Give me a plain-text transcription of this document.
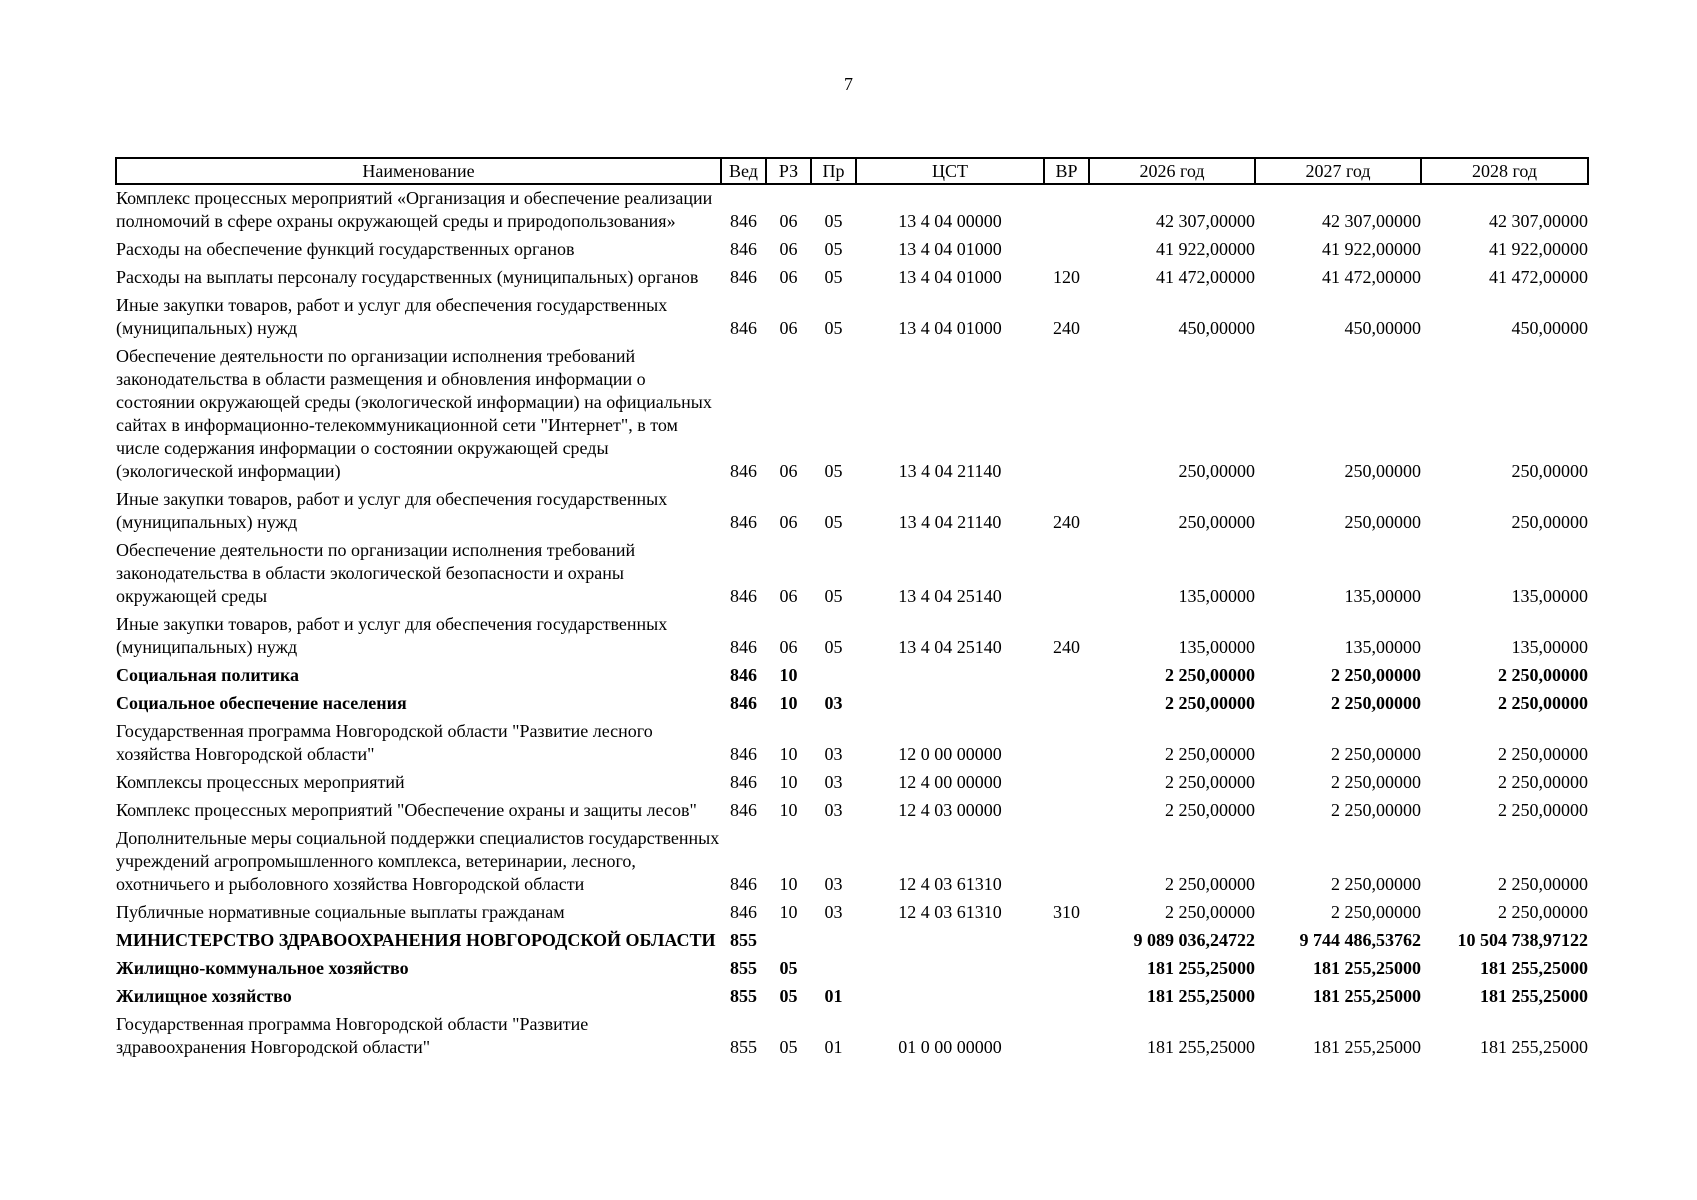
7
Наименование	Вед	РЗ	Пр	ЦСТ	ВР	2026 год	2027 год	2028 год
Комплекс процессных мероприятий «Организация и обеспечение реализации полномочий в сфере охраны окружающей среды и природопользования»	846	06	05	13 4 04 00000		42 307,00000	42 307,00000	42 307,00000
Расходы на обеспечение функций государственных органов	846	06	05	13 4 04 01000		41 922,00000	41 922,00000	41 922,00000
Расходы на выплаты персоналу государственных (муниципальных) органов	846	06	05	13 4 04 01000	120	41 472,00000	41 472,00000	41 472,00000
Иные закупки товаров, работ и услуг для обеспечения государственных (муниципальных) нужд	846	06	05	13 4 04 01000	240	450,00000	450,00000	450,00000
Обеспечение деятельности по организации исполнения требований законодательства в области размещения и обновления информации о состоянии окружающей среды (экологической информации) на официальных сайтах в информационно-телекоммуникационной сети "Интернет", в том числе содержания информации о состоянии окружающей среды (экологической информации)	846	06	05	13 4 04 21140		250,00000	250,00000	250,00000
Иные закупки товаров, работ и услуг для обеспечения государственных (муниципальных) нужд	846	06	05	13 4 04 21140	240	250,00000	250,00000	250,00000
Обеспечение деятельности по организации исполнения требований законодательства в области экологической безопасности и охраны окружающей среды	846	06	05	13 4 04 25140		135,00000	135,00000	135,00000
Иные закупки товаров, работ и услуг для обеспечения государственных (муниципальных) нужд	846	06	05	13 4 04 25140	240	135,00000	135,00000	135,00000
Социальная политика	846	10				2 250,00000	2 250,00000	2 250,00000
Социальное обеспечение населения	846	10	03			2 250,00000	2 250,00000	2 250,00000
Государственная программа Новгородской области "Развитие лесного хозяйства Новгородской области"	846	10	03	12 0 00 00000		2 250,00000	2 250,00000	2 250,00000
Комплексы процессных мероприятий	846	10	03	12 4 00 00000		2 250,00000	2 250,00000	2 250,00000
Комплекс процессных мероприятий "Обеспечение охраны и защиты лесов"	846	10	03	12 4 03 00000		2 250,00000	2 250,00000	2 250,00000
Дополнительные меры социальной поддержки специалистов государственных учреждений агропромышленного комплекса, ветеринарии, лесного, охотничьего и рыболовного хозяйства Новгородской области	846	10	03	12 4 03 61310		2 250,00000	2 250,00000	2 250,00000
Публичные нормативные социальные выплаты гражданам	846	10	03	12 4 03 61310	310	2 250,00000	2 250,00000	2 250,00000
МИНИСТЕРСТВО ЗДРАВООХРАНЕНИЯ НОВГОРОДСКОЙ ОБЛАСТИ	855					9 089 036,24722	9 744 486,53762	10 504 738,97122
Жилищно-коммунальное хозяйство	855	05				181 255,25000	181 255,25000	181 255,25000
Жилищное хозяйство	855	05	01			181 255,25000	181 255,25000	181 255,25000
Государственная программа Новгородской области "Развитие здравоохранения Новгородской области"	855	05	01	01 0 00 00000		181 255,25000	181 255,25000	181 255,25000
